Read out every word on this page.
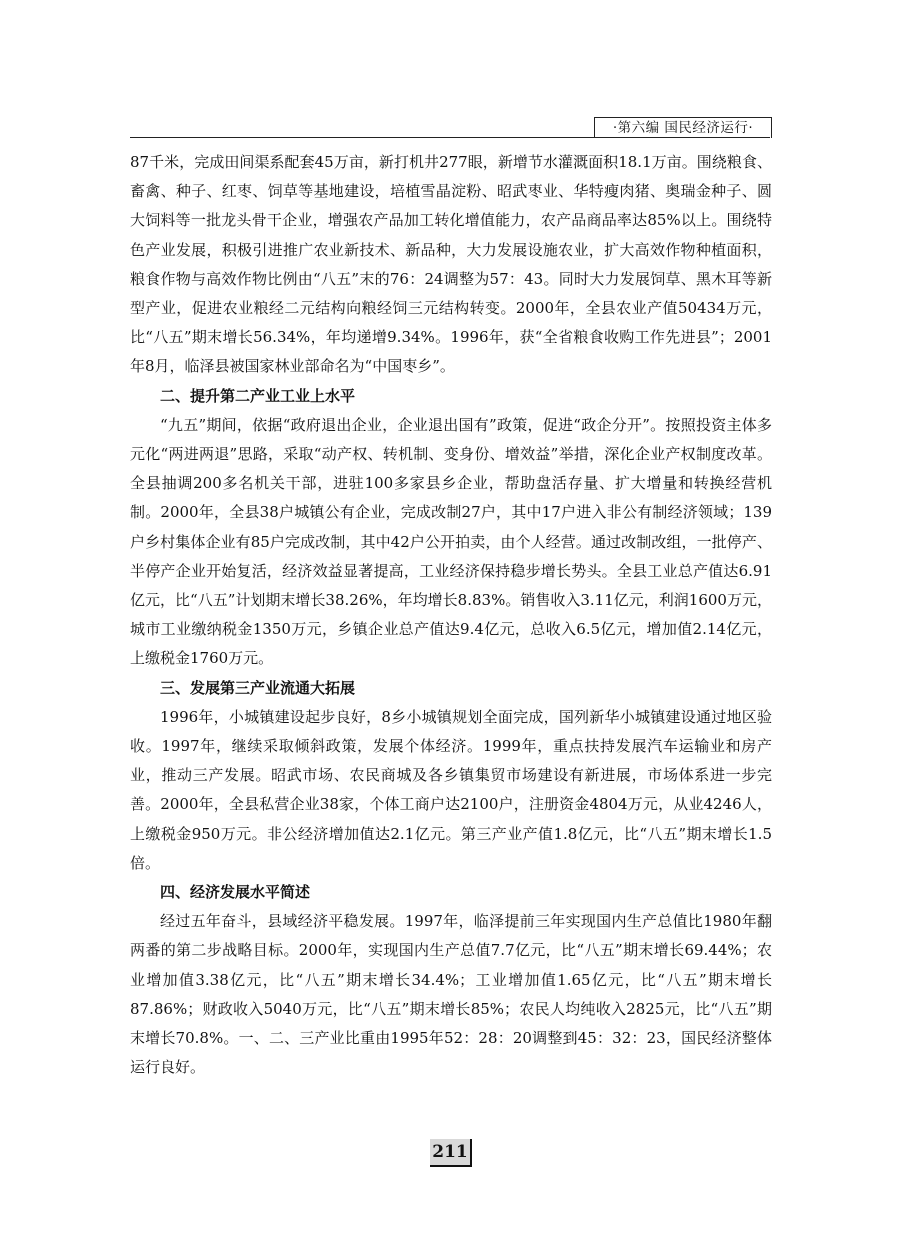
·第六编 国民经济运行·

87千米，完成田间渠系配套45万亩，新打机井277眼，新增节水灌溉面积18.1万亩。围绕粮食、畜禽、种子、红枣、饲草等基地建设，培植雪晶淀粉、昭武枣业、华特瘦肉猪、奥瑞金种子、圆大饲料等一批龙头骨干企业，增强农产品加工转化增值能力，农产品商品率达85%以上。围绕特色产业发展，积极引进推广农业新技术、新品种，大力发展设施农业，扩大高效作物种植面积，粮食作物与高效作物比例由“八五”末的76：24调整为57：43。同时大力发展饲草、黑木耳等新型产业，促进农业粮经二元结构向粮经饲三元结构转变。2000年，全县农业产值50434万元，比“八五”期末增长56.34%，年均递增9.34%。1996年，获“全省粮食收购工作先进县”；2001年8月，临泽县被国家林业部命名为“中国枣乡”。

二、提升第二产业工业上水平

“九五”期间，依据“政府退出企业，企业退出国有”政策，促进“政企分开”。按照投资主体多元化“两进两退”思路，采取“动产权、转机制、变身份、增效益”举措，深化企业产权制度改革。全县抽调200多名机关干部，进驻100多家县乡企业，帮助盘活存量、扩大增量和转换经营机制。2000年，全县38户城镇公有企业，完成改制27户，其中17户进入非公有制经济领域；139户乡村集体企业有85户完成改制，其中42户公开拍卖，由个人经营。通过改制改组，一批停产、半停产企业开始复活，经济效益显著提高，工业经济保持稳步增长势头。全县工业总产值达6.91亿元，比“八五”计划期末增长38.26%，年均增长8.83%。销售收入3.11亿元，利润1600万元，城市工业缴纳税金1350万元，乡镇企业总产值达9.4亿元，总收入6.5亿元，增加值2.14亿元，上缴税金1760万元。

三、发展第三产业流通大拓展

1996年，小城镇建设起步良好，8乡小城镇规划全面完成，国列新华小城镇建设通过地区验收。1997年，继续采取倾斜政策，发展个体经济。1999年，重点扶持发展汽车运输业和房产业，推动三产发展。昭武市场、农民商城及各乡镇集贸市场建设有新进展，市场体系进一步完善。2000年，全县私营企业38家，个体工商户达2100户，注册资金4804万元，从业4246人，上缴税金950万元。非公经济增加值达2.1亿元。第三产业产值1.8亿元，比“八五”期末增长1.5倍。

四、经济发展水平简述

经过五年奋斗，县域经济平稳发展。1997年，临泽提前三年实现国内生产总值比1980年翻两番的第二步战略目标。2000年，实现国内生产总值7.7亿元，比“八五”期末增长69.44%；农业增加值3.38亿元，比“八五”期末增长34.4%；工业增加值1.65亿元，比“八五”期末增长87.86%；财政收入5040万元，比“八五”期末增长85%；农民人均纯收入2825元，比“八五”期末增长70.8%。一、二、三产业比重由1995年52：28：20调整到45：32：23，国民经济整体运行良好。

211
